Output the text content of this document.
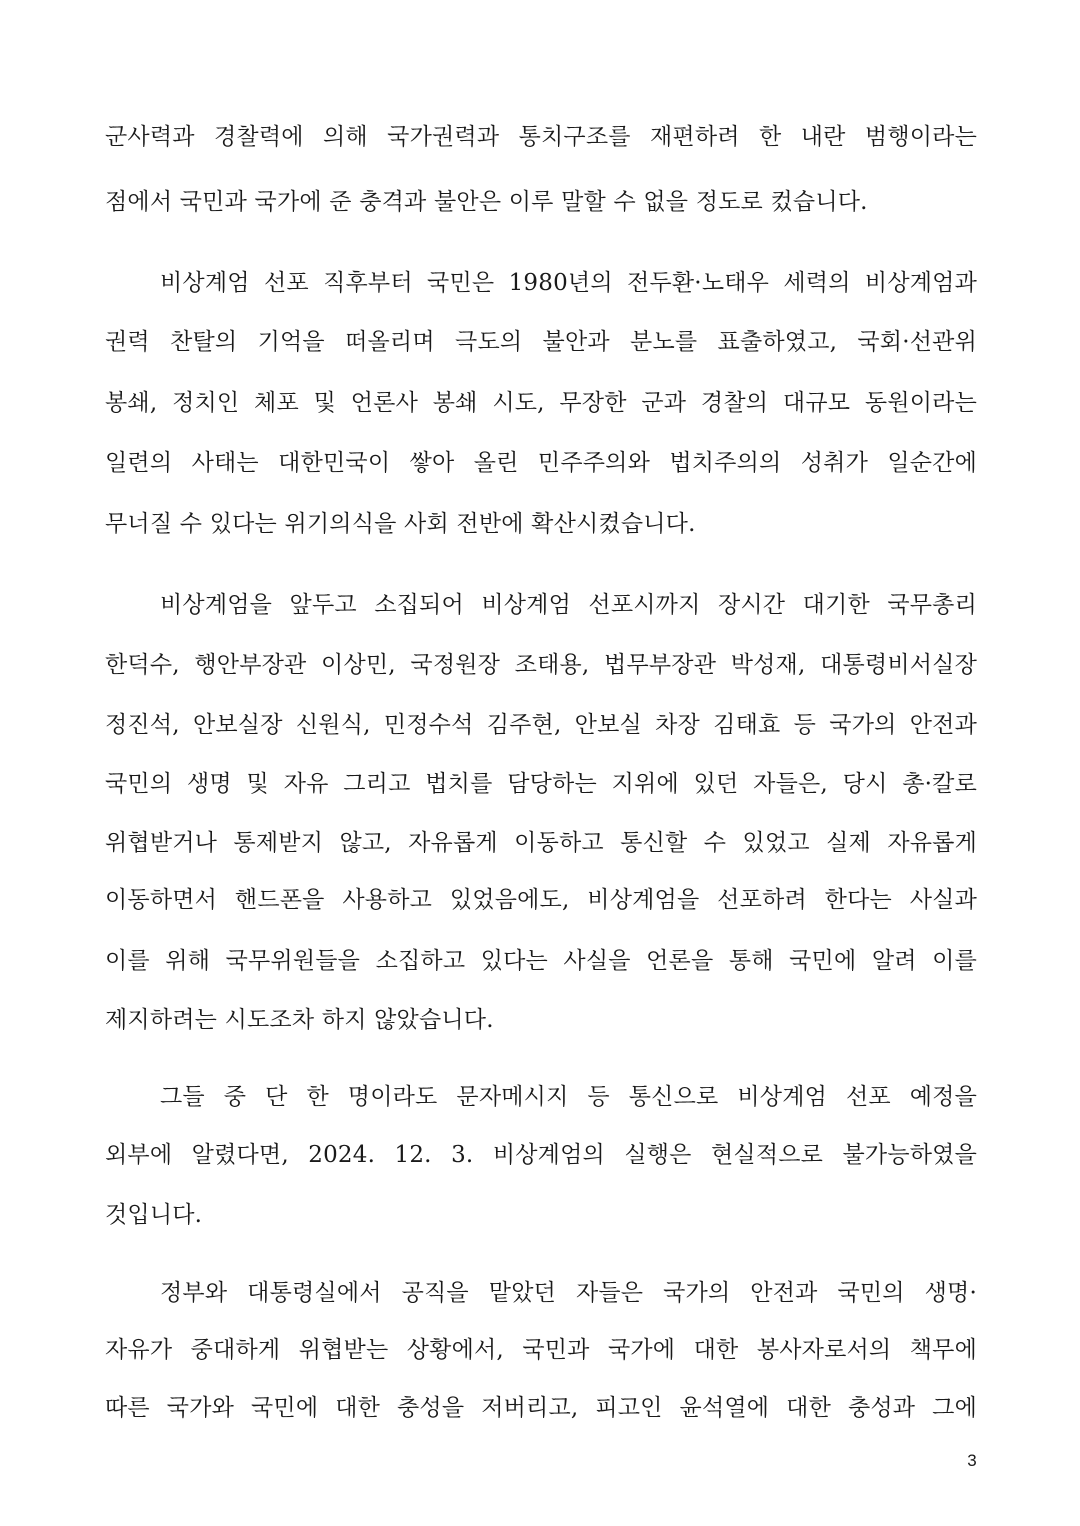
군사력과 경찰력에 의해 국가권력과 통치구조를 재편하려 한 내란 범행이라는
점에서 국민과 국가에 준 충격과 불안은 이루 말할 수 없을 정도로 컸습니다.
비상계엄 선포 직후부터 국민은 1980년의 전두환·노태우 세력의 비상계엄과
권력 찬탈의 기억을 떠올리며 극도의 불안과 분노를 표출하였고, 국회·선관위
봉쇄, 정치인 체포 및 언론사 봉쇄 시도, 무장한 군과 경찰의 대규모 동원이라는
일련의 사태는 대한민국이 쌓아 올린 민주주의와 법치주의의 성취가 일순간에
무너질 수 있다는 위기의식을 사회 전반에 확산시켰습니다.
비상계엄을 앞두고 소집되어 비상계엄 선포시까지 장시간 대기한 국무총리
한덕수, 행안부장관 이상민, 국정원장 조태용, 법무부장관 박성재, 대통령비서실장
정진석, 안보실장 신원식, 민정수석 김주현, 안보실 차장 김태효 등 국가의 안전과
국민의 생명 및 자유 그리고 법치를 담당하는 지위에 있던 자들은, 당시 총·칼로
위협받거나 통제받지 않고, 자유롭게 이동하고 통신할 수 있었고 실제 자유롭게
이동하면서 핸드폰을 사용하고 있었음에도, 비상계엄을 선포하려 한다는 사실과
이를 위해 국무위원들을 소집하고 있다는 사실을 언론을 통해 국민에 알려 이를
제지하려는 시도조차 하지 않았습니다.
그들 중 단 한 명이라도 문자메시지 등 통신으로 비상계엄 선포 예정을
외부에 알렸다면, 2024. 12. 3. 비상계엄의 실행은 현실적으로 불가능하였을
것입니다.
정부와 대통령실에서 공직을 맡았던 자들은 국가의 안전과 국민의 생명·
자유가 중대하게 위협받는 상황에서, 국민과 국가에 대한 봉사자로서의 책무에
따른 국가와 국민에 대한 충성을 저버리고, 피고인 윤석열에 대한 충성과 그에
3
